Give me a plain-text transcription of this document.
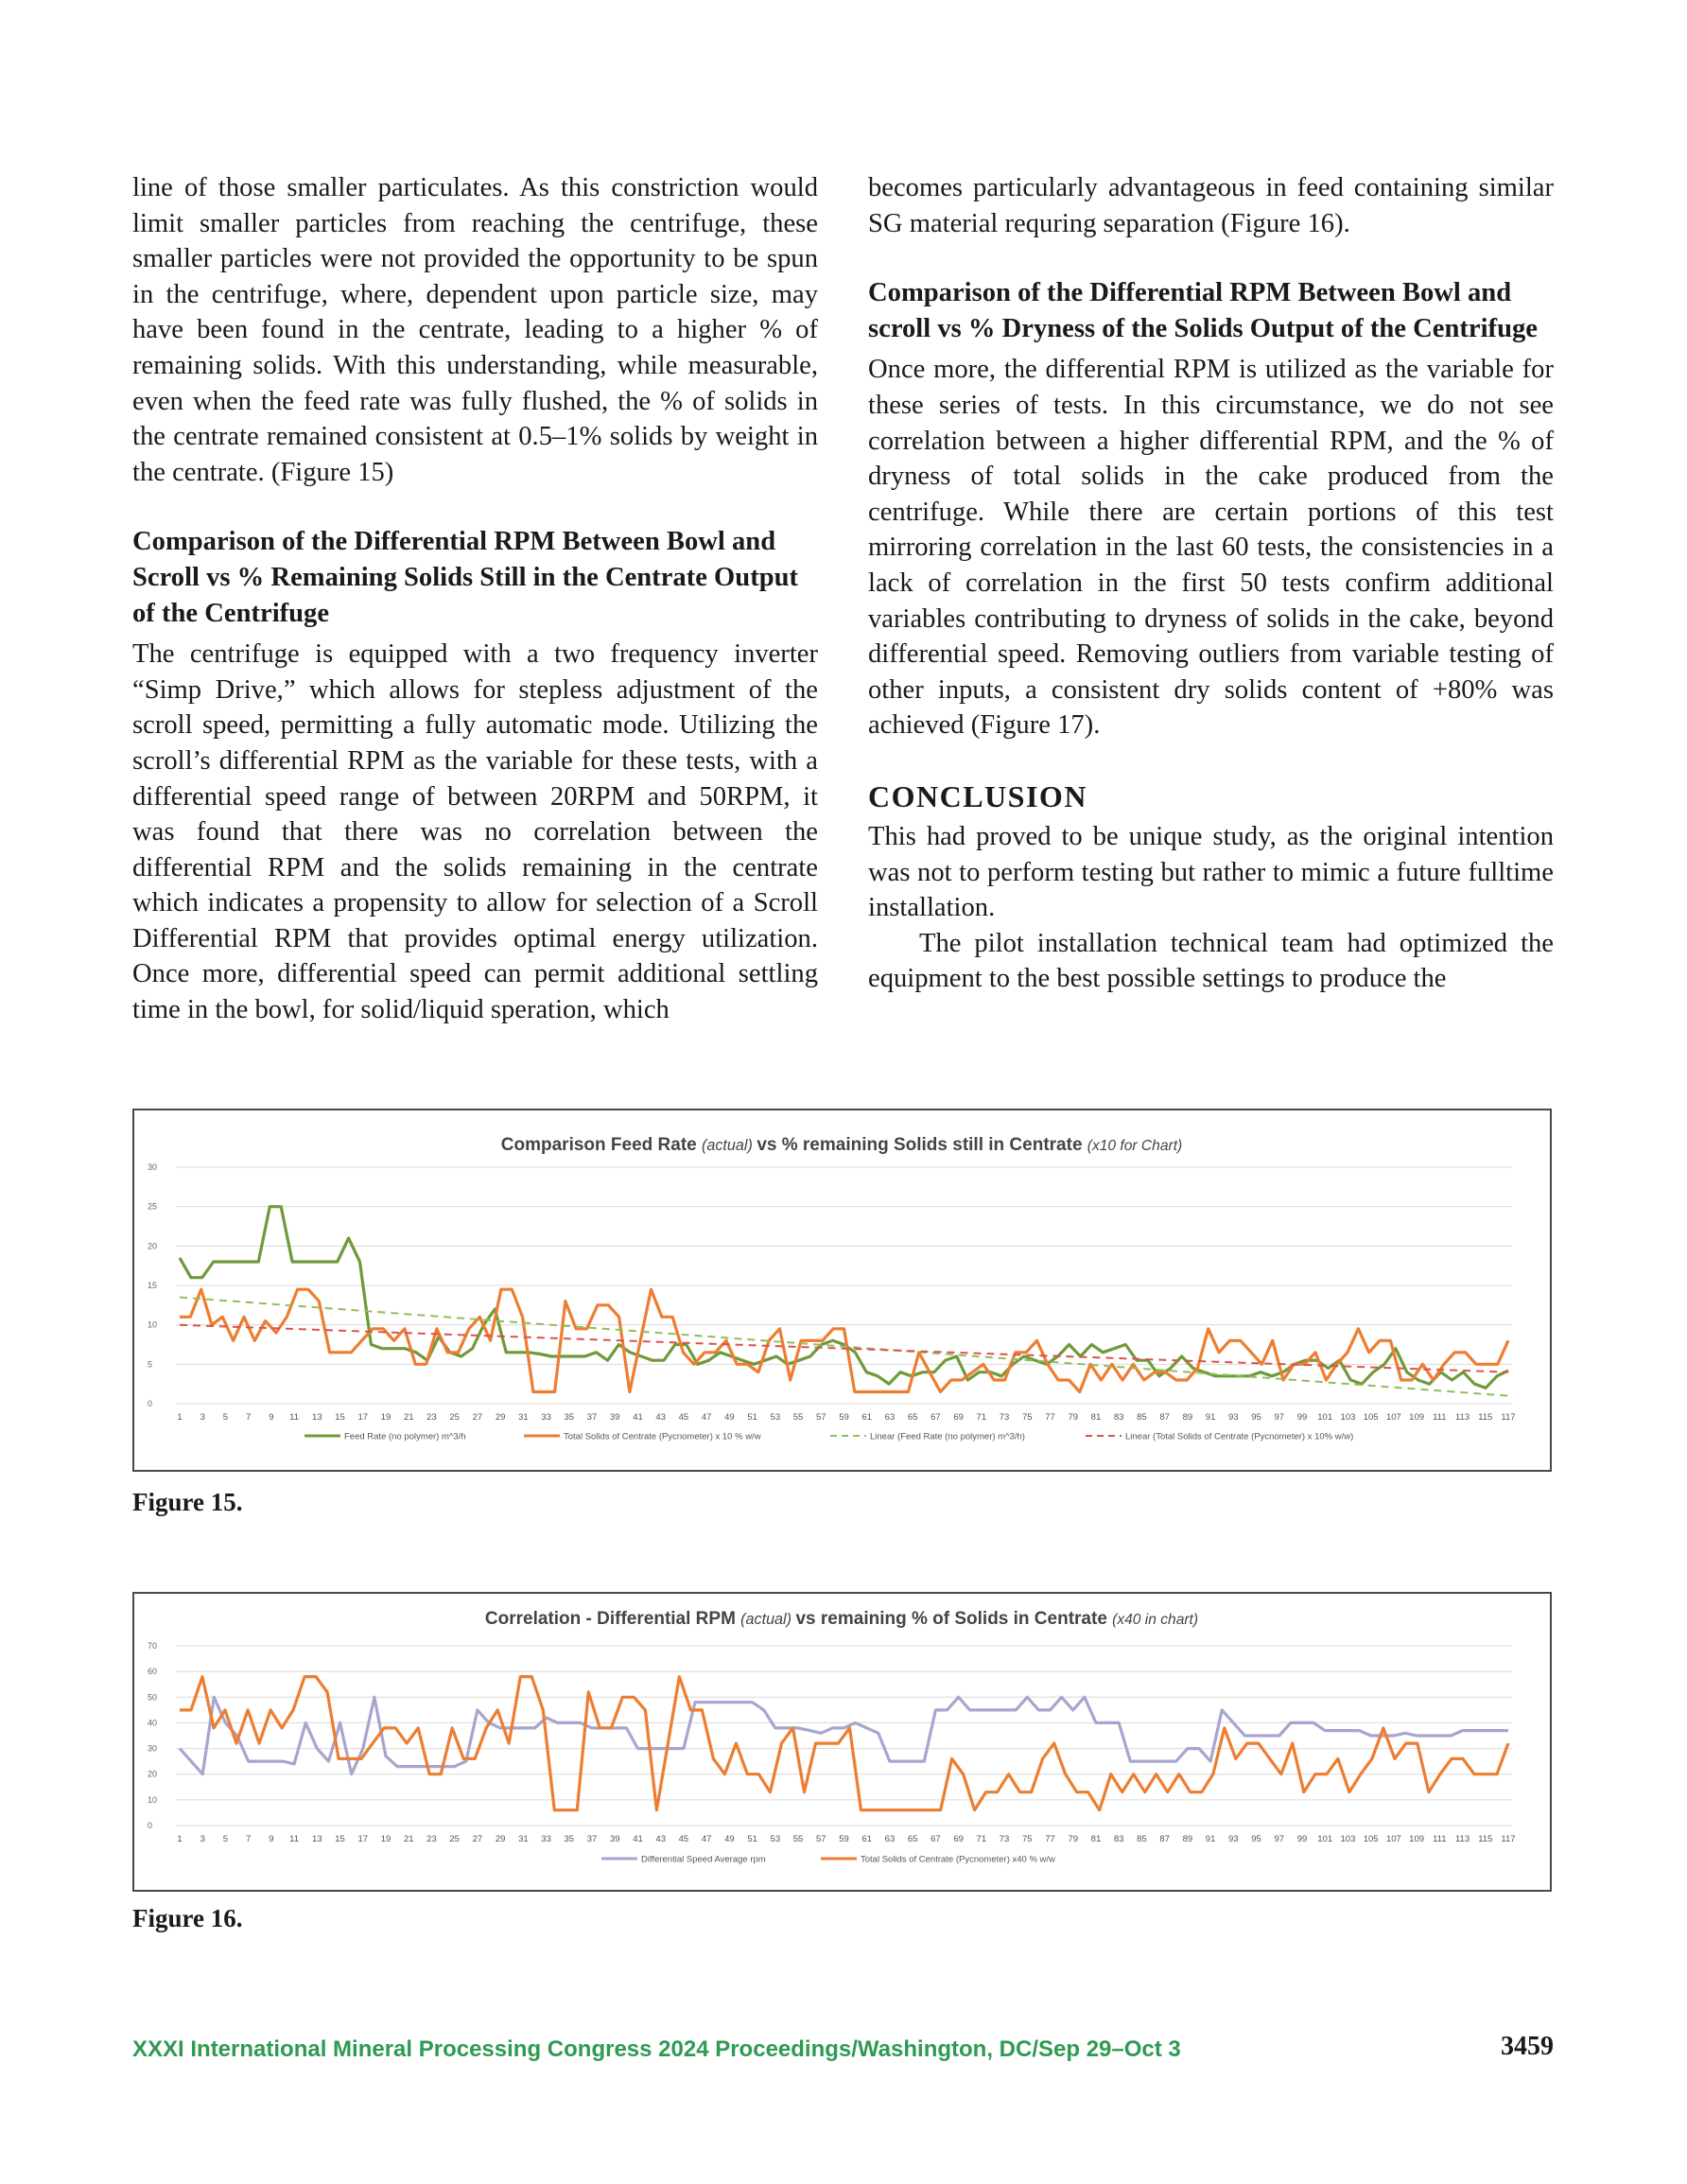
line of those smaller particulates. As this constriction would limit smaller particles from reaching the centrifuge, these smaller particles were not provided the opportunity to be spun in the centrifuge, where, dependent upon particle size, may have been found in the centrate, leading to a higher % of remaining solids. With this understanding, while measurable, even when the feed rate was fully flushed, the % of solids in the centrate remained consistent at 0.5–1% solids by weight in the centrate. (Figure 15)

Comparison of the Differential RPM Between Bowl and Scroll vs % Remaining Solids Still in the Centrate Output of the Centrifuge

The centrifuge is equipped with a two frequency inverter “Simp Drive,” which allows for stepless adjustment of the scroll speed, permitting a fully automatic mode. Utilizing the scroll’s differential RPM as the variable for these tests, with a differential speed range of between 20RPM and 50RPM, it was found that there was no correlation between the differential RPM and the solids remaining in the centrate which indicates a propensity to allow for selection of a Scroll Differential RPM that provides optimal energy utilization. Once more, differential speed can permit additional settling time in the bowl, for solid/liquid speration, which

becomes particularly advantageous in feed containing similar SG material requring separation (Figure 16).

Comparison of the Differential RPM Between Bowl and scroll vs % Dryness of the Solids Output of the Centrifuge

Once more, the differential RPM is utilized as the variable for these series of tests. In this circumstance, we do not see correlation between a higher differential RPM, and the % of dryness of total solids in the cake produced from the centrifuge. While there are certain portions of this test mirroring correlation in the last 60 tests, the consistencies in a lack of correlation in the first 50 tests confirm additional variables contributing to dryness of solids in the cake, beyond differential speed. Removing outliers from variable testing of other inputs, a consistent dry solids content of +80% was achieved (Figure 17).

CONCLUSION

This had proved to be unique study, as the original intention was not to perform testing but rather to mimic a future fulltime installation.

The pilot installation technical team had optimized the equipment to the best possible settings to produce the

Comparison Feed Rate (actual) vs % remaining Solids still in Centrate (x10 for Chart)
0
5
10
15
20
25
30
1 3 5 7 9 11 13 15 17 19 21 23 25 27 29 31 33 35 37 39 41 43 45 47 49 51 53 55 57 59 61 63 65 67 69 71 73 75 77 79 81 83 85 87 89 91 93 95 97 99 101 103 105 107 109 111 113 115 117
Feed Rate (no polymer) m^3/h	Total Solids of Centrate (Pycnometer) x 10 % w/w	Linear (Feed Rate (no polymer) m^3/h)	Linear (Total Solids of Centrate (Pycnometer) x 10% w/w)
Figure 15.
Correlation - Differential RPM (actual) vs remaining % of Solids in Centrate (x40 in chart)
0
10
20
30
40
50
60
70
1 3 5 7 9 11 13 15 17 19 21 23 25 27 29 31 33 35 37 39 41 43 45 47 49 51 53 55 57 59 61 63 65 67 69 71 73 75 77 79 81 83 85 87 89 91 93 95 97 99 101 103 105 107 109 111 113 115 117
Differential Speed Average rpm	Total Solids of Centrate (Pycnometer) x40 % w/w
Figure 16.
XXXI International Mineral Processing Congress 2024 Proceedings/Washington, DC/Sep 29–Oct 3	3459
